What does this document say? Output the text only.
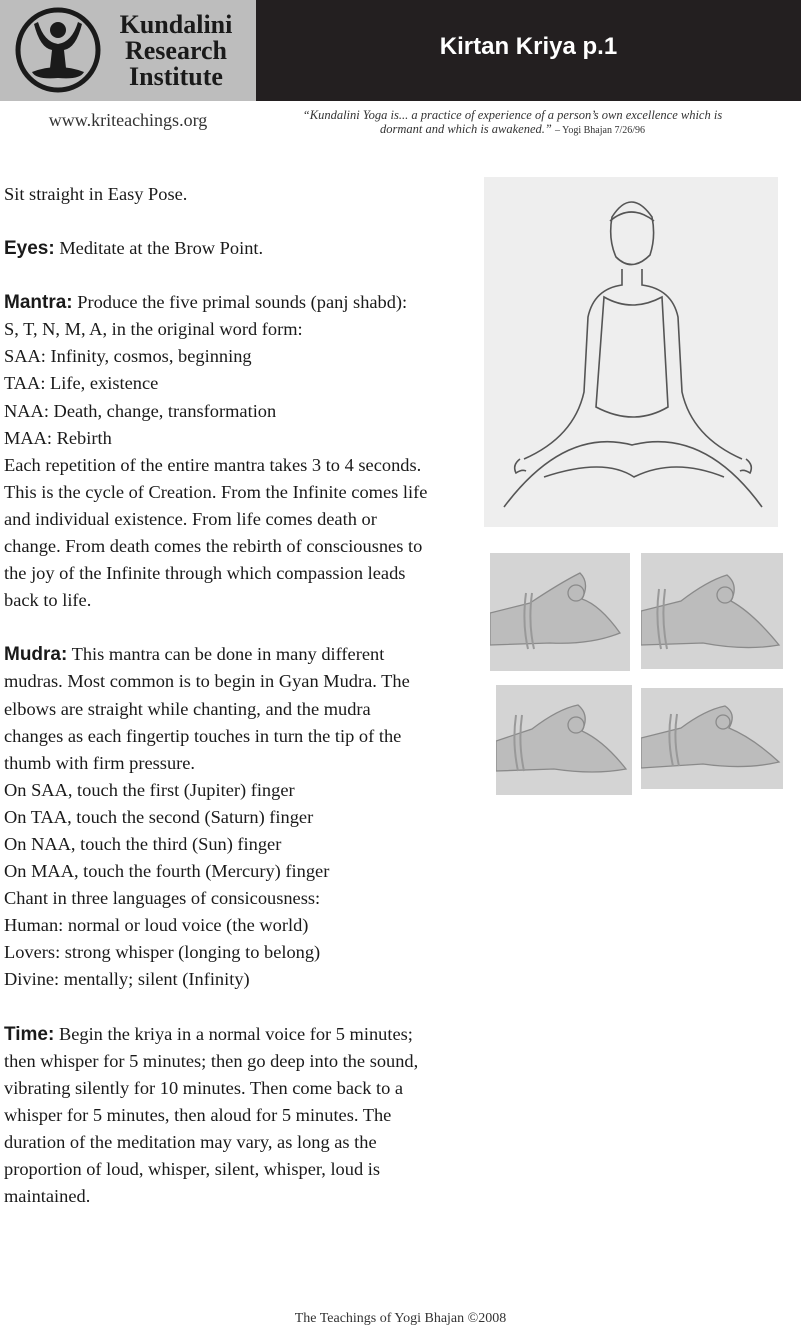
Kundalini
Research
Institute
Kirtan Kriya p.1
www.kriteachings.org	“Kundalini Yoga is... a practice of experience of a person’s own excellence which is dormant and which is awakened.” – Yogi Bhajan 7/26/96

Sit straight in Easy Pose.

Eyes: Meditate at the Brow Point.

Mantra: Produce the five primal sounds (panj shabd):

S, T, N, M, A, in the original word form:

SAA: Infinity, cosmos, beginning

TAA: Life, existence

NAA: Death, change, transformation

MAA: Rebirth

Each repetition of the entire mantra takes 3 to 4 seconds.

This is the cycle of Creation. From the Infinite comes life

and individual existence. From life comes death or

change. From death comes the rebirth of consciousnes to

the joy of the Infinite through which compassion leads

back to life.

Mudra: This mantra can be done in many different

mudras. Most common is to begin in Gyan Mudra. The

elbows are straight while chanting, and the mudra

changes as each fingertip touches in turn the tip of the

thumb with firm pressure.

On SAA, touch the first (Jupiter) finger

On TAA, touch the second (Saturn) finger

On NAA, touch the third (Sun) finger

On MAA, touch the fourth (Mercury) finger

Chant in three languages of consicousness:

Human: normal or loud voice (the world)

Lovers: strong whisper (longing to belong)

Divine: mentally; silent (Infinity)

Time: Begin the kriya in a normal voice for 5 minutes;

then whisper for 5 minutes; then go deep into the sound,

vibrating silently for 10 minutes. Then come back to a

whisper for 5 minutes, then aloud for 5 minutes. The

duration of the meditation may vary, as long as the

proportion of loud, whisper, silent, whisper, loud is

maintained.

The Teachings of Yogi Bhajan ©2008
